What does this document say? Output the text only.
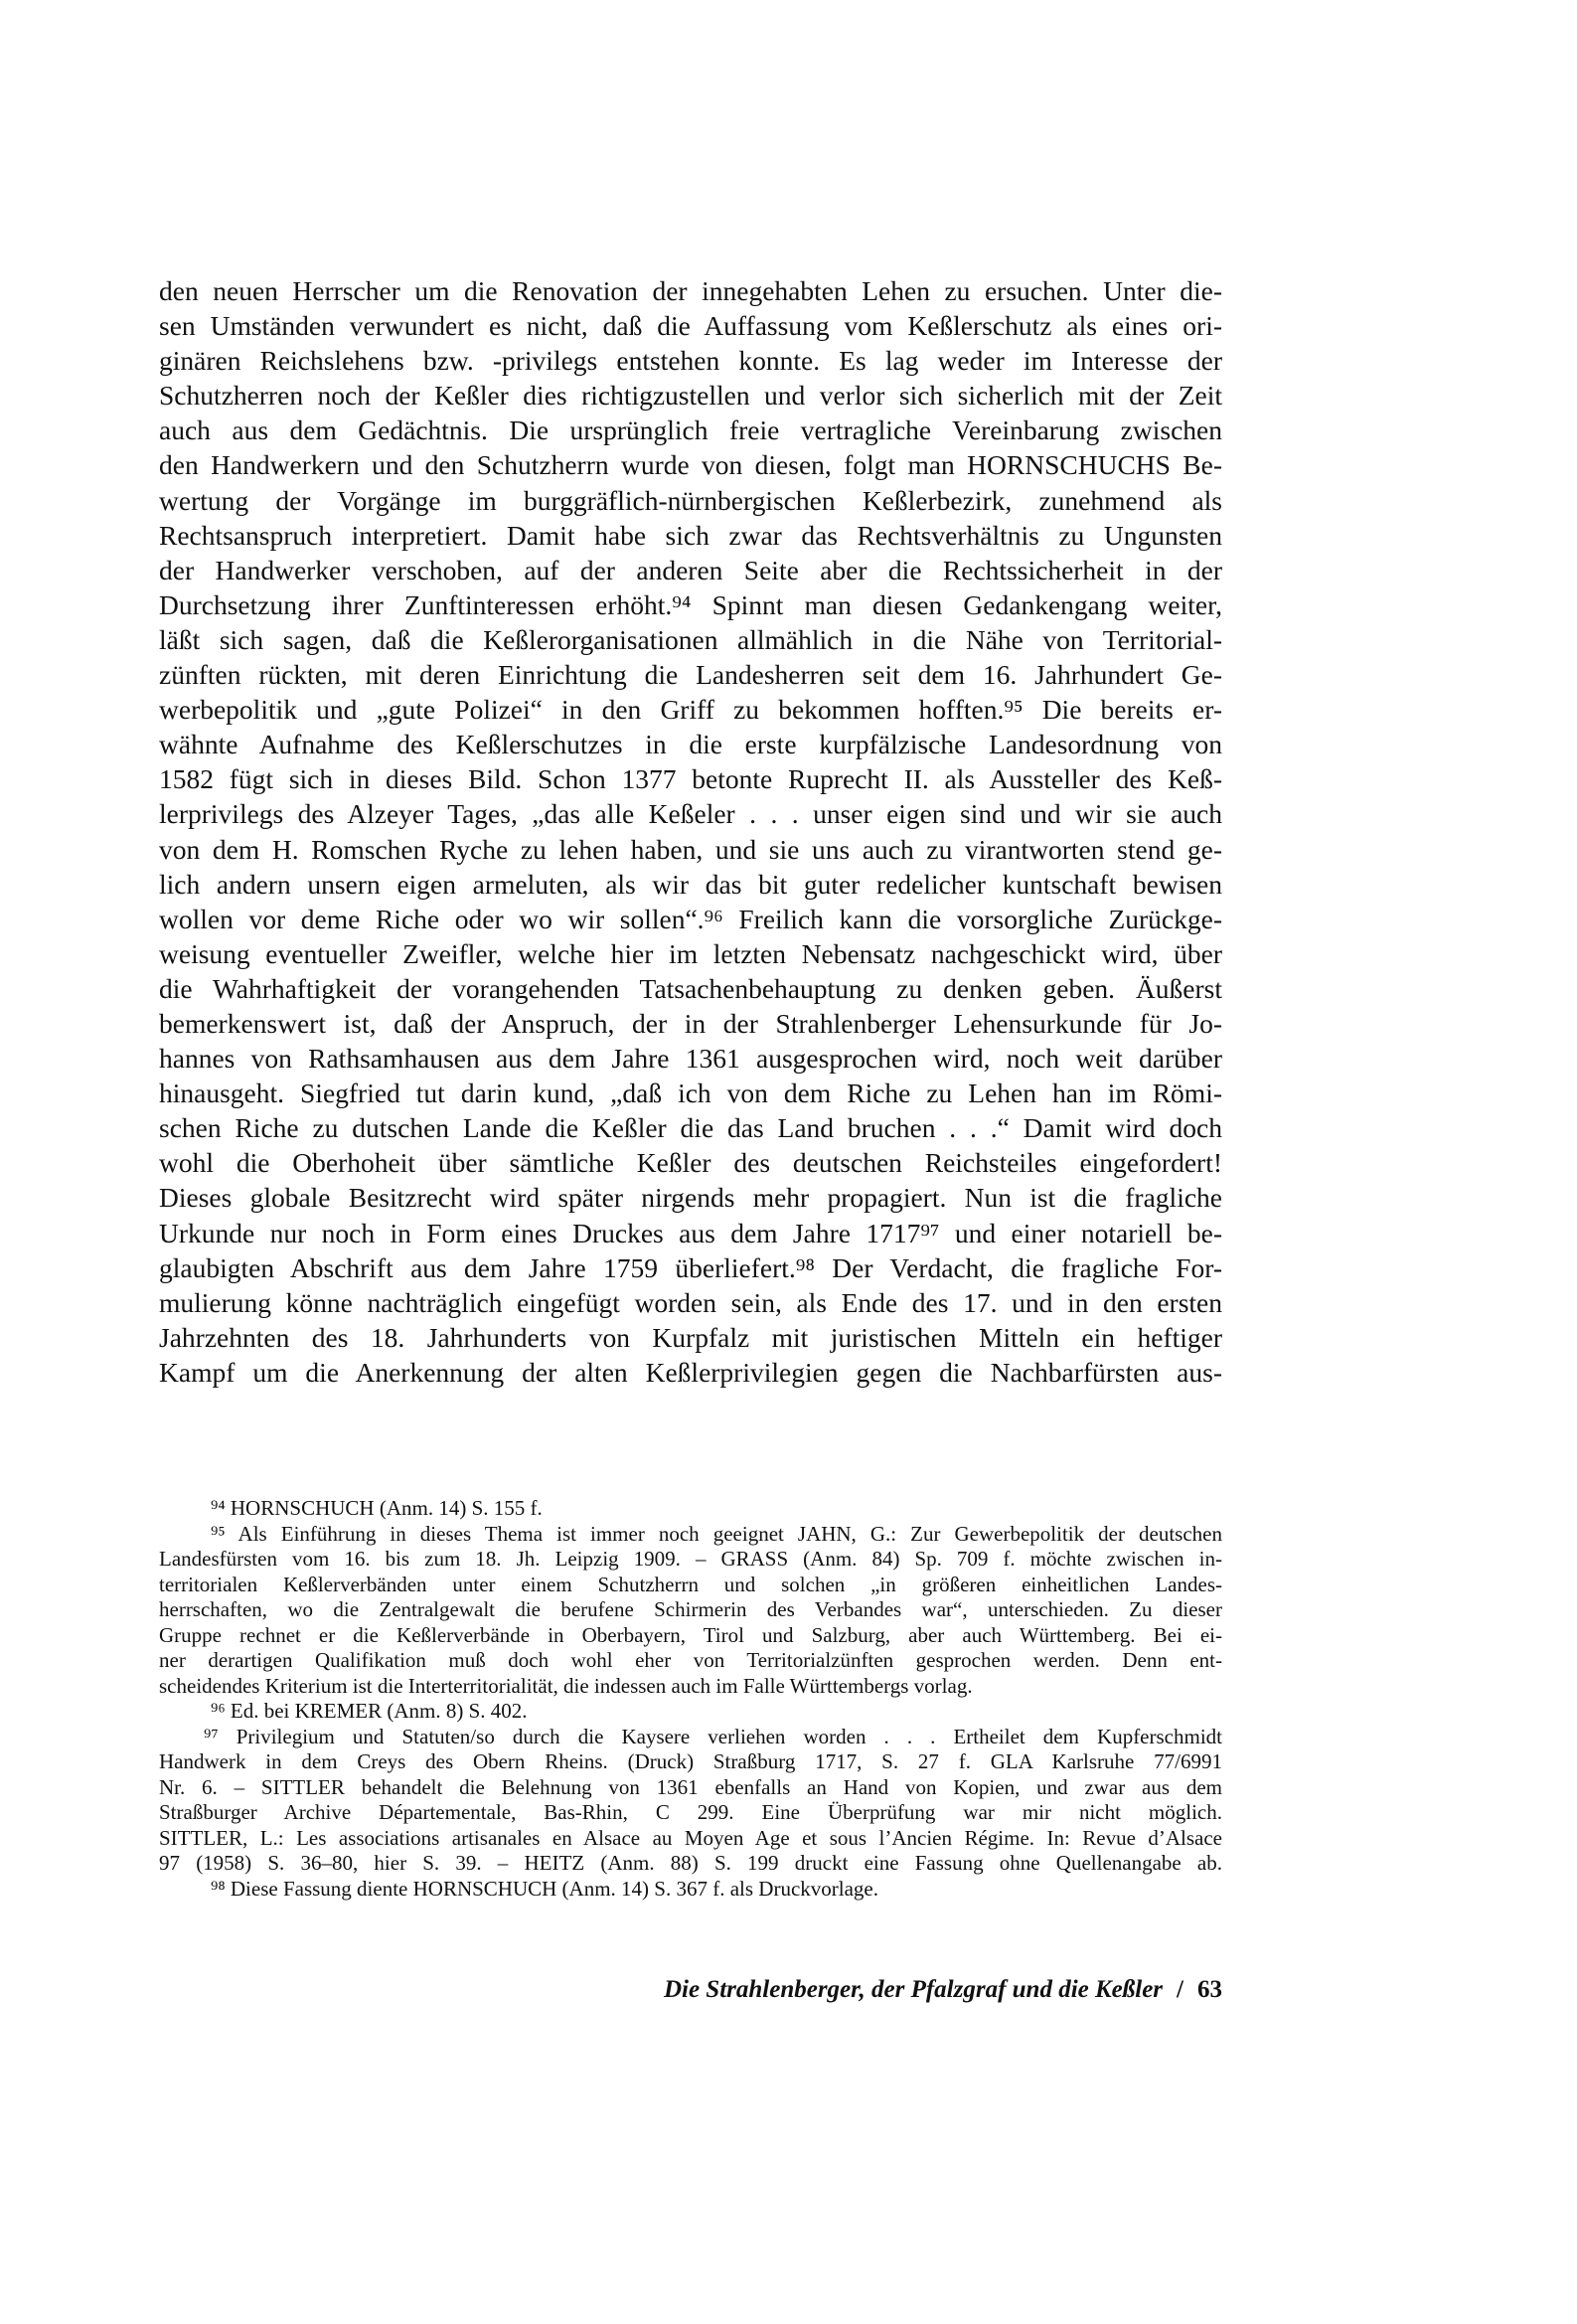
den neuen Herrscher um die Renovation der innegehabten Lehen zu ersuchen. Unter die-
sen Umständen verwundert es nicht, daß die Auffassung vom Keßlerschutz als eines ori-
ginären Reichslehens bzw. -privilegs entstehen konnte. Es lag weder im Interesse der
Schutzherren noch der Keßler dies richtigzustellen und verlor sich sicherlich mit der Zeit
auch aus dem Gedächtnis. Die ursprünglich freie vertragliche Vereinbarung zwischen
den Handwerkern und den Schutzherrn wurde von diesen, folgt man HORNSCHUCHS Be-
wertung der Vorgänge im burggräflich-nürnbergischen Keßlerbezirk, zunehmend als
Rechtsanspruch interpretiert. Damit habe sich zwar das Rechtsverhältnis zu Ungunsten
der Handwerker verschoben, auf der anderen Seite aber die Rechtssicherheit in der
Durchsetzung ihrer Zunftinteressen erhöht.⁹⁴ Spinnt man diesen Gedankengang weiter,
läßt sich sagen, daß die Keßlerorganisationen allmählich in die Nähe von Territorial-
zünften rückten, mit deren Einrichtung die Landesherren seit dem 16. Jahrhundert Ge-
werbepolitik und „gute Polizei“ in den Griff zu bekommen hofften.⁹⁵ Die bereits er-
wähnte Aufnahme des Keßlerschutzes in die erste kurpfälzische Landesordnung von
1582 fügt sich in dieses Bild. Schon 1377 betonte Ruprecht II. als Aussteller des Keß-
lerprivilegs des Alzeyer Tages, „das alle Keßeler . . . unser eigen sind und wir sie auch
von dem H. Romschen Ryche zu lehen haben, und sie uns auch zu virantworten stend ge-
lich andern unsern eigen armeluten, als wir das bit guter redelicher kuntschaft bewisen
wollen vor deme Riche oder wo wir sollen“.⁹⁶ Freilich kann die vorsorgliche Zurückge-
weisung eventueller Zweifler, welche hier im letzten Nebensatz nachgeschickt wird, über
die Wahrhaftigkeit der vorangehenden Tatsachenbehauptung zu denken geben. Äußerst
bemerkenswert ist, daß der Anspruch, der in der Strahlenberger Lehensurkunde für Jo-
hannes von Rathsamhausen aus dem Jahre 1361 ausgesprochen wird, noch weit darüber
hinausgeht. Siegfried tut darin kund, „daß ich von dem Riche zu Lehen han im Römi-
schen Riche zu dutschen Lande die Keßler die das Land bruchen . . .“ Damit wird doch
wohl die Oberhoheit über sämtliche Keßler des deutschen Reichsteiles eingefordert!
Dieses globale Besitzrecht wird später nirgends mehr propagiert. Nun ist die fragliche
Urkunde nur noch in Form eines Druckes aus dem Jahre 1717⁹⁷ und einer notariell be-
glaubigten Abschrift aus dem Jahre 1759 überliefert.⁹⁸ Der Verdacht, die fragliche For-
mulierung könne nachträglich eingefügt worden sein, als Ende des 17. und in den ersten
Jahrzehnten des 18. Jahrhunderts von Kurpfalz mit juristischen Mitteln ein heftiger
Kampf um die Anerkennung der alten Keßlerprivilegien gegen die Nachbarfürsten aus-
⁹⁴ HORNSCHUCH (Anm. 14) S. 155 f.
⁹⁵ Als Einführung in dieses Thema ist immer noch geeignet JAHN, G.: Zur Gewerbepolitik der deutschen
Landesfürsten vom 16. bis zum 18. Jh. Leipzig 1909. – GRASS (Anm. 84) Sp. 709 f. möchte zwischen in-
territorialen Keßlerverbänden unter einem Schutzherrn und solchen „in größeren einheitlichen Landes-
herrschaften, wo die Zentralgewalt die berufene Schirmerin des Verbandes war“, unterschieden. Zu dieser
Gruppe rechnet er die Keßlerverbände in Oberbayern, Tirol und Salzburg, aber auch Württemberg. Bei ei-
ner derartigen Qualifikation muß doch wohl eher von Territorialzünften gesprochen werden. Denn ent-
scheidendes Kriterium ist die Interterritorialität, die indessen auch im Falle Württembergs vorlag.
⁹⁶ Ed. bei KREMER (Anm. 8) S. 402.
⁹⁷ Privilegium und Statuten/so durch die Kaysere verliehen worden . . . Ertheilet dem Kupferschmidt
Handwerk in dem Creys des Obern Rheins. (Druck) Straßburg 1717, S. 27 f. GLA Karlsruhe 77/6991
Nr. 6. – SITTLER behandelt die Belehnung von 1361 ebenfalls an Hand von Kopien, und zwar aus dem
Straßburger Archive Départementale, Bas-Rhin, C 299. Eine Überprüfung war mir nicht möglich.
SITTLER, L.: Les associations artisanales en Alsace au Moyen Age et sous l’Ancien Régime. In: Revue d’Alsace
97 (1958) S. 36–80, hier S. 39. – HEITZ (Anm. 88) S. 199 druckt eine Fassung ohne Quellenangabe ab.
⁹⁸ Diese Fassung diente HORNSCHUCH (Anm. 14) S. 367 f. als Druckvorlage.
Die Strahlenberger, der Pfalzgraf und die Keßler / 63
